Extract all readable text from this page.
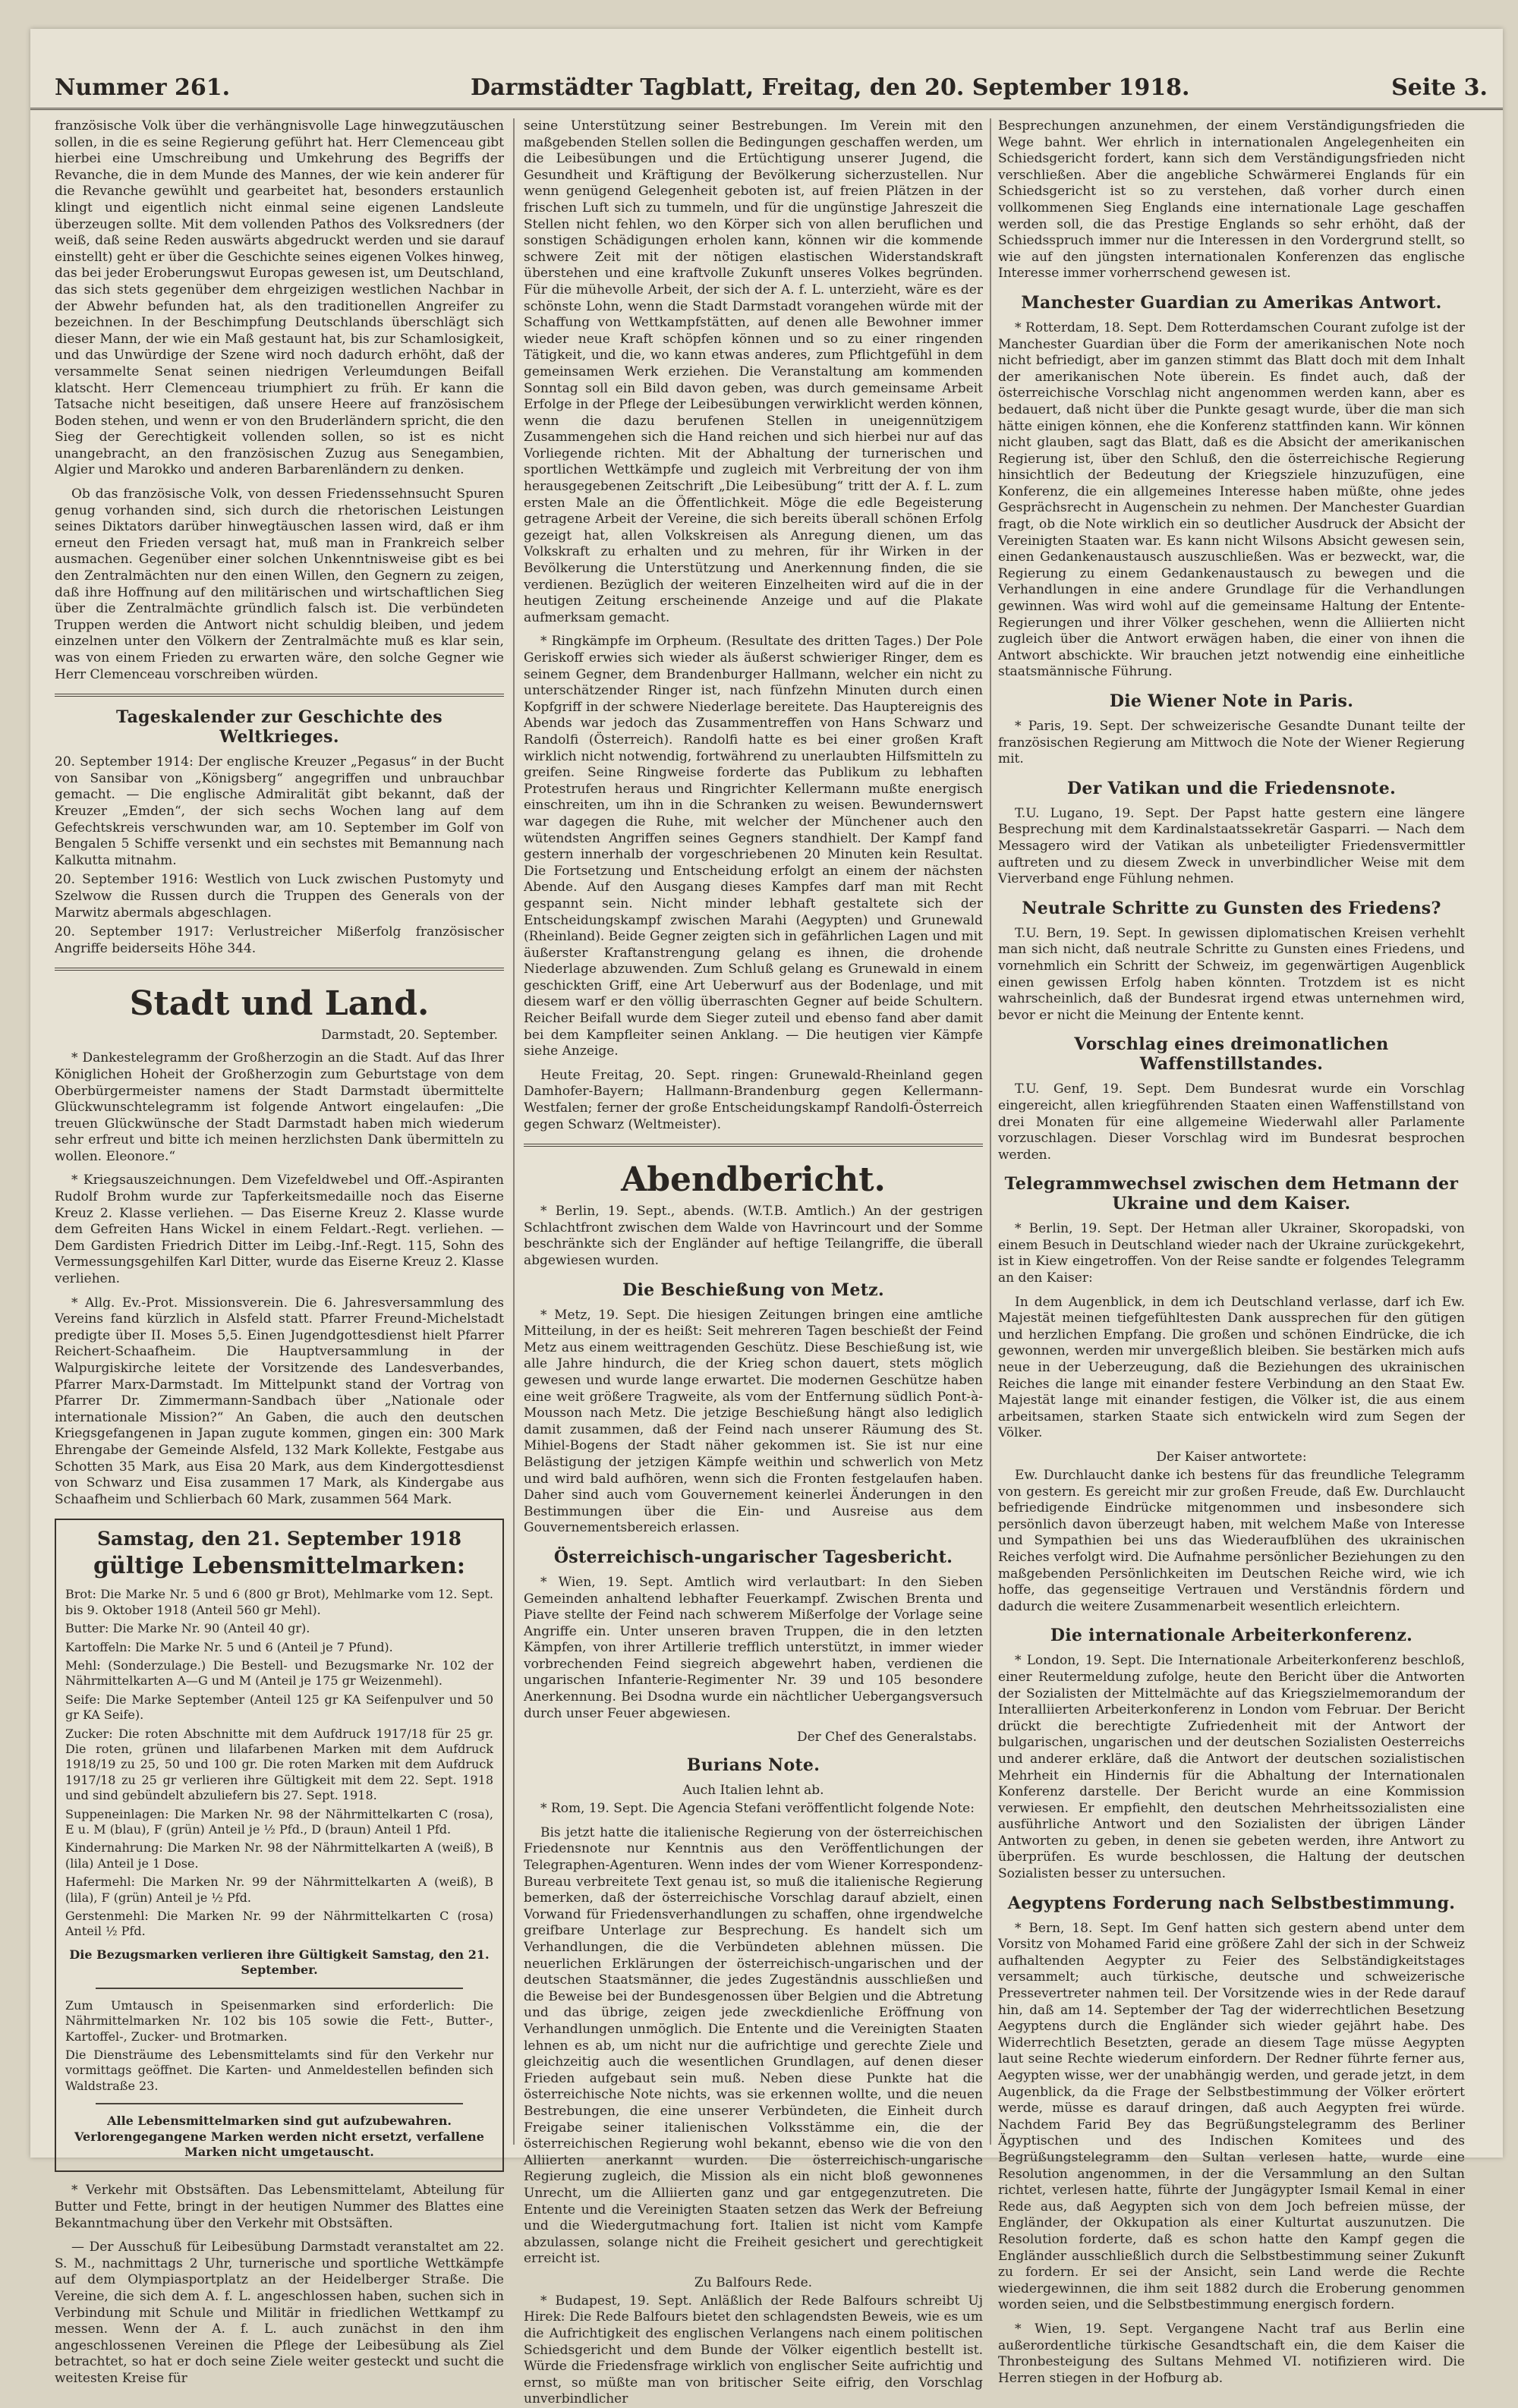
Nummer 261.	Darmstädter Tagblatt, Freitag, den 20. September 1918.	Seite 3.

französische Volk über die verhängnisvolle Lage hinwegzutäuschen sollen, in die es seine Regierung geführt hat. Herr Clemenceau gibt hierbei eine Umschreibung und Umkehrung des Begriffs der Revanche, die in dem Munde des Mannes, der wie kein anderer für die Revanche gewühlt und gearbeitet hat, besonders erstaunlich klingt und eigentlich nicht einmal seine eigenen Landsleute überzeugen sollte. Mit dem vollenden Pathos des Volksredners (der weiß, daß seine Reden auswärts abgedruckt werden und sie darauf einstellt) geht er über die Geschichte seines eigenen Volkes hinweg, das bei jeder Eroberungswut Europas gewesen ist, um Deutschland, das sich stets gegenüber dem ehrgeizigen westlichen Nachbar in der Abwehr befunden hat, als den traditionellen Angreifer zu bezeichnen. In der Beschimpfung Deutschlands überschlägt sich dieser Mann, der wie ein Maß gestaunt hat, bis zur Schamlosigkeit, und das Unwürdige der Szene wird noch dadurch erhöht, daß der versammelte Senat seinen niedrigen Verleumdungen Beifall klatscht. Herr Clemenceau triumphiert zu früh. Er kann die Tatsache nicht beseitigen, daß unsere Heere auf französischem Boden stehen, und wenn er von den Bruderländern spricht, die den Sieg der Gerechtigkeit vollenden sollen, so ist es nicht unangebracht, an den französischen Zuzug aus Senegambien, Algier und Marokko und anderen Barbarenländern zu denken.

Ob das französische Volk, von dessen Friedenssehnsucht Spuren genug vorhanden sind, sich durch die rhetorischen Leistungen seines Diktators darüber hinwegtäuschen lassen wird, daß er ihm erneut den Frieden versagt hat, muß man in Frankreich selber ausmachen. Gegenüber einer solchen Unkenntnisweise gibt es bei den Zentralmächten nur den einen Willen, den Gegnern zu zeigen, daß ihre Hoffnung auf den militärischen und wirtschaftlichen Sieg über die Zentralmächte gründlich falsch ist. Die verbündeten Truppen werden die Antwort nicht schuldig bleiben, und jedem einzelnen unter den Völkern der Zentralmächte muß es klar sein, was von einem Frieden zu erwarten wäre, den solche Gegner wie Herr Clemenceau vorschreiben würden.

Tageskalender zur Geschichte des Weltkrieges.

20. September 1914: Der englische Kreuzer „Pegasus“ in der Bucht von Sansibar von „Königsberg“ angegriffen und unbrauchbar gemacht. — Die englische Admiralität gibt bekannt, daß der Kreuzer „Emden“, der sich sechs Wochen lang auf dem Gefechtskreis verschwunden war, am 10. September im Golf von Bengalen 5 Schiffe versenkt und ein sechstes mit Bemannung nach Kalkutta mitnahm.

20. September 1916: Westlich von Luck zwischen Pustomyty und Szelwow die Russen durch die Truppen des Generals von der Marwitz abermals abgeschlagen.

20. September 1917: Verlustreicher Mißerfolg französischer Angriffe beiderseits Höhe 344.

Stadt und Land.
Darmstadt, 20. September.

* Dankestelegramm der Großherzogin an die Stadt. Auf das Ihrer Königlichen Hoheit der Großherzogin zum Geburtstage von dem Oberbürgermeister namens der Stadt Darmstadt übermittelte Glückwunschtelegramm ist folgende Antwort eingelaufen: „Die treuen Glückwünsche der Stadt Darmstadt haben mich wiederum sehr erfreut und bitte ich meinen herzlichsten Dank übermitteln zu wollen. Eleonore.“

* Kriegsauszeichnungen. Dem Vizefeldwebel und Off.-Aspiranten Rudolf Brohm wurde zur Tapferkeitsmedaille noch das Eiserne Kreuz 2. Klasse verliehen. — Das Eiserne Kreuz 2. Klasse wurde dem Gefreiten Hans Wickel in einem Feldart.-Regt. verliehen. — Dem Gardisten Friedrich Ditter im Leibg.-Inf.-Regt. 115, Sohn des Vermessungsgehilfen Karl Ditter, wurde das Eiserne Kreuz 2. Klasse verliehen.

* Allg. Ev.-Prot. Missionsverein. Die 6. Jahresversammlung des Vereins fand kürzlich in Alsfeld statt. Pfarrer Freund-Michelstadt predigte über II. Moses 5,5. Einen Jugendgottesdienst hielt Pfarrer Reichert-Schaafheim. Die Hauptversammlung in der Walpurgiskirche leitete der Vorsitzende des Landesverbandes, Pfarrer Marx-Darmstadt. Im Mittelpunkt stand der Vortrag von Pfarrer Dr. Zimmermann-Sandbach über „Nationale oder internationale Mission?“ An Gaben, die auch den deutschen Kriegsgefangenen in Japan zugute kommen, gingen ein: 300 Mark Ehrengabe der Gemeinde Alsfeld, 132 Mark Kollekte, Festgabe aus Schotten 35 Mark, aus Eisa 20 Mark, aus dem Kindergottesdienst von Schwarz und Eisa zusammen 17 Mark, als Kindergabe aus Schaafheim und Schlierbach 60 Mark, zusammen 564 Mark.

Samstag, den 21. September 1918
gültige Lebensmittelmarken:

Brot: Die Marke Nr. 5 und 6 (800 gr Brot), Mehlmarke vom 12. Sept. bis 9. Oktober 1918 (Anteil 560 gr Mehl).

Butter: Die Marke Nr. 90 (Anteil 40 gr).

Kartoffeln: Die Marke Nr. 5 und 6 (Anteil je 7 Pfund).

Mehl: (Sonderzulage.) Die Bestell- und Bezugsmarke Nr. 102 der Nährmittelkarten A—G und M (Anteil je 175 gr Weizenmehl).

Seife: Die Marke September (Anteil 125 gr KA Seifenpulver und 50 gr KA Seife).

Zucker: Die roten Abschnitte mit dem Aufdruck 1917/18 für 25 gr. Die roten, grünen und lilafarbenen Marken mit dem Aufdruck 1918/19 zu 25, 50 und 100 gr. Die roten Marken mit dem Aufdruck 1917/18 zu 25 gr verlieren ihre Gültigkeit mit dem 22. Sept. 1918 und sind gebündelt abzuliefern bis 27. Sept. 1918.

Suppeneinlagen: Die Marken Nr. 98 der Nährmittelkarten C (rosa), E u. M (blau), F (grün) Anteil je ½ Pfd., D (braun) Anteil 1 Pfd.

Kindernahrung: Die Marken Nr. 98 der Nährmittelkarten A (weiß), B (lila) Anteil je 1 Dose.

Hafermehl: Die Marken Nr. 99 der Nährmittelkarten A (weiß), B (lila), F (grün) Anteil je ½ Pfd.

Gerstenmehl: Die Marken Nr. 99 der Nährmittelkarten C (rosa) Anteil ½ Pfd.

Die Bezugsmarken verlieren ihre Gültigkeit Samstag, den 21. September.

Zum Umtausch in Speisenmarken sind erforderlich: Die Nährmittelmarken Nr. 102 bis 105 sowie die Fett-, Butter-, Kartoffel-, Zucker- und Brotmarken.

Die Diensträume des Lebensmittelamts sind für den Verkehr nur vormittags geöffnet. Die Karten- und Anmeldestellen befinden sich Waldstraße 23.

Alle Lebensmittelmarken sind gut aufzubewahren. Verlorengegangene Marken werden nicht ersetzt, verfallene Marken nicht umgetauscht.

* Verkehr mit Obstsäften. Das Lebensmittelamt, Abteilung für Butter und Fette, bringt in der heutigen Nummer des Blattes eine Bekanntmachung über den Verkehr mit Obstsäften.

— Der Ausschuß für Leibesübung Darmstadt veranstaltet am 22. S. M., nachmittags 2 Uhr, turnerische und sportliche Wettkämpfe auf dem Olympiasportplatz an der Heidelberger Straße. Die Vereine, die sich dem A. f. L. angeschlossen haben, suchen sich in Verbindung mit Schule und Militär in friedlichen Wettkampf zu messen. Wenn der A. f. L. auch zunächst in den ihm angeschlossenen Vereinen die Pflege der Leibesübung als Ziel betrachtet, so hat er doch seine Ziele weiter gesteckt und sucht die weitesten Kreise für

seine Unterstützung seiner Bestrebungen. Im Verein mit den maßgebenden Stellen sollen die Bedingungen geschaffen werden, um die Leibesübungen und die Ertüchtigung unserer Jugend, die Gesundheit und Kräftigung der Bevölkerung sicherzustellen. Nur wenn genügend Gelegenheit geboten ist, auf freien Plätzen in der frischen Luft sich zu tummeln, und für die ungünstige Jahreszeit die Stellen nicht fehlen, wo den Körper sich von allen beruflichen und sonstigen Schädigungen erholen kann, können wir die kommende schwere Zeit mit der nötigen elastischen Widerstandskraft überstehen und eine kraftvolle Zukunft unseres Volkes begründen. Für die mühevolle Arbeit, der sich der A. f. L. unterzieht, wäre es der schönste Lohn, wenn die Stadt Darmstadt vorangehen würde mit der Schaffung von Wettkampfstätten, auf denen alle Bewohner immer wieder neue Kraft schöpfen können und so zu einer ringenden Tätigkeit, und die, wo kann etwas anderes, zum Pflichtgefühl in dem gemeinsamen Werk erziehen. Die Veranstaltung am kommenden Sonntag soll ein Bild davon geben, was durch gemeinsame Arbeit Erfolge in der Pflege der Leibesübungen verwirklicht werden können, wenn die dazu berufenen Stellen in uneigennützigem Zusammengehen sich die Hand reichen und sich hierbei nur auf das Vorliegende richten. Mit der Abhaltung der turnerischen und sportlichen Wettkämpfe und zugleich mit Verbreitung der von ihm herausgegebenen Zeitschrift „Die Leibesübung“ tritt der A. f. L. zum ersten Male an die Öffentlichkeit. Möge die edle Begeisterung getragene Arbeit der Vereine, die sich bereits überall schönen Erfolg gezeigt hat, allen Volkskreisen als Anregung dienen, um das Volkskraft zu erhalten und zu mehren, für ihr Wirken in der Bevölkerung die Unterstützung und Anerkennung finden, die sie verdienen. Bezüglich der weiteren Einzelheiten wird auf die in der heutigen Zeitung erscheinende Anzeige und auf die Plakate aufmerksam gemacht.

* Ringkämpfe im Orpheum. (Resultate des dritten Tages.) Der Pole Geriskoff erwies sich wieder als äußerst schwieriger Ringer, dem es seinem Gegner, dem Brandenburger Hallmann, welcher ein nicht zu unterschätzender Ringer ist, nach fünfzehn Minuten durch einen Kopfgriff in der schwere Niederlage bereitete. Das Hauptereignis des Abends war jedoch das Zusammentreffen von Hans Schwarz und Randolfi (Österreich). Randolfi hatte es bei einer großen Kraft wirklich nicht notwendig, fortwährend zu unerlaubten Hilfsmitteln zu greifen. Seine Ringweise forderte das Publikum zu lebhaften Protestrufen heraus und Ringrichter Kellermann mußte energisch einschreiten, um ihn in die Schranken zu weisen. Bewundernswert war dagegen die Ruhe, mit welcher der Münchener auch den wütendsten Angriffen seines Gegners standhielt. Der Kampf fand gestern innerhalb der vorgeschriebenen 20 Minuten kein Resultat. Die Fortsetzung und Entscheidung erfolgt an einem der nächsten Abende. Auf den Ausgang dieses Kampfes darf man mit Recht gespannt sein. Nicht minder lebhaft gestaltete sich der Entscheidungskampf zwischen Marahi (Aegypten) und Grunewald (Rheinland). Beide Gegner zeigten sich in gefährlichen Lagen und mit äußerster Kraftanstrengung gelang es ihnen, die drohende Niederlage abzuwenden. Zum Schluß gelang es Grunewald in einem geschickten Griff, eine Art Ueberwurf aus der Bodenlage, und mit diesem warf er den völlig überraschten Gegner auf beide Schultern. Reicher Beifall wurde dem Sieger zuteil und ebenso fand aber damit bei dem Kampfleiter seinen Anklang. — Die heutigen vier Kämpfe siehe Anzeige.

Heute Freitag, 20. Sept. ringen: Grunewald-Rheinland gegen Damhofer-Bayern; Hallmann-Brandenburg gegen Kellermann-Westfalen; ferner der große Entscheidungskampf Randolfi-Österreich gegen Schwarz (Weltmeister).

Abendbericht.

* Berlin, 19. Sept., abends. (W.T.B. Amtlich.) An der gestrigen Schlachtfront zwischen dem Walde von Havrincourt und der Somme beschränkte sich der Engländer auf heftige Teilangriffe, die überall abgewiesen wurden.

Die Beschießung von Metz.

* Metz, 19. Sept. Die hiesigen Zeitungen bringen eine amtliche Mitteilung, in der es heißt: Seit mehreren Tagen beschießt der Feind Metz aus einem weittragenden Geschütz. Diese Beschießung ist, wie alle Jahre hindurch, die der Krieg schon dauert, stets möglich gewesen und wurde lange erwartet. Die modernen Geschütze haben eine weit größere Tragweite, als vom der Entfernung südlich Pont-à-Mousson nach Metz. Die jetzige Beschießung hängt also lediglich damit zusammen, daß der Feind nach unserer Räumung des St. Mihiel-Bogens der Stadt näher gekommen ist. Sie ist nur eine Belästigung der jetzigen Kämpfe weithin und schwerlich von Metz und wird bald aufhören, wenn sich die Fronten festgelaufen haben. Daher sind auch vom Gouvernement keinerlei Änderungen in den Bestimmungen über die Ein- und Ausreise aus dem Gouvernementsbereich erlassen.

Österreichisch-ungarischer Tagesbericht.

* Wien, 19. Sept. Amtlich wird verlautbart: In den Sieben Gemeinden anhaltend lebhafter Feuerkampf. Zwischen Brenta und Piave stellte der Feind nach schwerem Mißerfolge der Vorlage seine Angriffe ein. Unter unseren braven Truppen, die in den letzten Kämpfen, von ihrer Artillerie trefflich unterstützt, in immer wieder vorbrechenden Feind siegreich abgewehrt haben, verdienen die ungarischen Infanterie-Regimenter Nr. 39 und 105 besondere Anerkennung. Bei Dsodna wurde ein nächtlicher Uebergangsversuch durch unser Feuer abgewiesen.

Der Chef des Generalstabs.
Burians Note.
Auch Italien lehnt ab.

* Rom, 19. Sept. Die Agencia Stefani veröffentlicht folgende Note:

Bis jetzt hatte die italienische Regierung von der österreichischen Friedensnote nur Kenntnis aus den Veröffentlichungen der Telegraphen-Agenturen. Wenn indes der vom Wiener Korrespondenz-Bureau verbreitete Text genau ist, so muß die italienische Regierung bemerken, daß der österreichische Vorschlag darauf abzielt, einen Vorwand für Friedensverhandlungen zu schaffen, ohne irgendwelche greifbare Unterlage zur Besprechung. Es handelt sich um Verhandlungen, die die Verbündeten ablehnen müssen. Die neuerlichen Erklärungen der österreichisch-ungarischen und der deutschen Staatsmänner, die jedes Zugeständnis ausschließen und die Beweise bei der Bundesgenossen über Belgien und die Abtretung und das übrige, zeigen jede zweckdienliche Eröffnung von Verhandlungen unmöglich. Die Entente und die Vereinigten Staaten lehnen es ab, um nicht nur die aufrichtige und gerechte Ziele und gleichzeitig auch die wesentlichen Grundlagen, auf denen dieser Frieden aufgebaut sein muß. Neben diese Punkte hat die österreichische Note nichts, was sie erkennen wollte, und die neuen Bestrebungen, die eine unserer Verbündeten, die Einheit durch Freigabe seiner italienischen Volksstämme ein, die der österreichischen Regierung wohl bekannt, ebenso wie die von den Alliierten anerkannt wurden. Die österreichisch-ungarische Regierung zugleich, die Mission als ein nicht bloß gewonnenes Unrecht, um die Alliierten ganz und gar entgegenzutreten. Die Entente und die Vereinigten Staaten setzen das Werk der Befreiung und die Wiedergutmachung fort. Italien ist nicht vom Kampfe abzulassen, solange nicht die Freiheit gesichert und gerechtigkeit erreicht ist.

Zu Balfours Rede.

* Budapest, 19. Sept. Anläßlich der Rede Balfours schreibt Uj Hirek: Die Rede Balfours bietet den schlagendsten Beweis, wie es um die Aufrichtigkeit des englischen Verlangens nach einem politischen Schiedsgericht und dem Bunde der Völker eigentlich bestellt ist. Würde die Friedensfrage wirklich von englischer Seite aufrichtig und ernst, so müßte man von britischer Seite eifrig, den Vorschlag unverbindlicher

Besprechungen anzunehmen, der einem Verständigungsfrieden die Wege bahnt. Wer ehrlich in internationalen Angelegenheiten ein Schiedsgericht fordert, kann sich dem Verständigungsfrieden nicht verschließen. Aber die angebliche Schwärmerei Englands für ein Schiedsgericht ist so zu verstehen, daß vorher durch einen vollkommenen Sieg Englands eine internationale Lage geschaffen werden soll, die das Prestige Englands so sehr erhöht, daß der Schiedsspruch immer nur die Interessen in den Vordergrund stellt, so wie auf den jüngsten internationalen Konferenzen das englische Interesse immer vorherrschend gewesen ist.

Manchester Guardian zu Amerikas Antwort.

* Rotterdam, 18. Sept. Dem Rotterdamschen Courant zufolge ist der Manchester Guardian über die Form der amerikanischen Note noch nicht befriedigt, aber im ganzen stimmt das Blatt doch mit dem Inhalt der amerikanischen Note überein. Es findet auch, daß der österreichische Vorschlag nicht angenommen werden kann, aber es bedauert, daß nicht über die Punkte gesagt wurde, über die man sich hätte einigen können, ehe die Konferenz stattfinden kann. Wir können nicht glauben, sagt das Blatt, daß es die Absicht der amerikanischen Regierung ist, über den Schluß, den die österreichische Regierung hinsichtlich der Bedeutung der Kriegsziele hinzuzufügen, eine Konferenz, die ein allgemeines Interesse haben müßte, ohne jedes Gesprächsrecht in Augenschein zu nehmen. Der Manchester Guardian fragt, ob die Note wirklich ein so deutlicher Ausdruck der Absicht der Vereinigten Staaten war. Es kann nicht Wilsons Absicht gewesen sein, einen Gedankenaustausch auszuschließen. Was er bezweckt, war, die Regierung zu einem Gedankenaustausch zu bewegen und die Verhandlungen in eine andere Grundlage für die Verhandlungen gewinnen. Was wird wohl auf die gemeinsame Haltung der Entente-Regierungen und ihrer Völker geschehen, wenn die Alliierten nicht zugleich über die Antwort erwägen haben, die einer von ihnen die Antwort abschickte. Wir brauchen jetzt notwendig eine einheitliche staatsmännische Führung.

Die Wiener Note in Paris.

* Paris, 19. Sept. Der schweizerische Gesandte Dunant teilte der französischen Regierung am Mittwoch die Note der Wiener Regierung mit.

Der Vatikan und die Friedensnote.

T.U. Lugano, 19. Sept. Der Papst hatte gestern eine längere Besprechung mit dem Kardinalstaatssekretär Gasparri. — Nach dem Messagero wird der Vatikan als unbeteiligter Friedensvermittler auftreten und zu diesem Zweck in unverbindlicher Weise mit dem Vierverband enge Fühlung nehmen.

Neutrale Schritte zu Gunsten des Friedens?

T.U. Bern, 19. Sept. In gewissen diplomatischen Kreisen verhehlt man sich nicht, daß neutrale Schritte zu Gunsten eines Friedens, und vornehmlich ein Schritt der Schweiz, im gegenwärtigen Augenblick einen gewissen Erfolg haben könnten. Trotzdem ist es nicht wahrscheinlich, daß der Bundesrat irgend etwas unternehmen wird, bevor er nicht die Meinung der Entente kennt.

Vorschlag eines dreimonatlichen Waffenstillstandes.

T.U. Genf, 19. Sept. Dem Bundesrat wurde ein Vorschlag eingereicht, allen kriegführenden Staaten einen Waffenstillstand von drei Monaten für eine allgemeine Wiederwahl aller Parlamente vorzuschlagen. Dieser Vorschlag wird im Bundesrat besprochen werden.

Telegrammwechsel zwischen dem Hetmann der Ukraine und dem Kaiser.

* Berlin, 19. Sept. Der Hetman aller Ukrainer, Skoropadski, von einem Besuch in Deutschland wieder nach der Ukraine zurückgekehrt, ist in Kiew eingetroffen. Von der Reise sandte er folgendes Telegramm an den Kaiser:

In dem Augenblick, in dem ich Deutschland verlasse, darf ich Ew. Majestät meinen tiefgefühltesten Dank aussprechen für den gütigen und herzlichen Empfang. Die großen und schönen Eindrücke, die ich gewonnen, werden mir unvergeßlich bleiben. Sie bestärken mich aufs neue in der Ueberzeugung, daß die Beziehungen des ukrainischen Reiches die lange mit einander festere Verbindung an den Staat Ew. Majestät lange mit einander festigen, die Völker ist, die aus einem arbeitsamen, starken Staate sich entwickeln wird zum Segen der Völker.

Der Kaiser antwortete:

Ew. Durchlaucht danke ich bestens für das freundliche Telegramm von gestern. Es gereicht mir zur großen Freude, daß Ew. Durchlaucht befriedigende Eindrücke mitgenommen und insbesondere sich persönlich davon überzeugt haben, mit welchem Maße von Interesse und Sympathien bei uns das Wiederaufblühen des ukrainischen Reiches verfolgt wird. Die Aufnahme persönlicher Beziehungen zu den maßgebenden Persönlichkeiten im Deutschen Reiche wird, wie ich hoffe, das gegenseitige Vertrauen und Verständnis fördern und dadurch die weitere Zusammenarbeit wesentlich erleichtern.

Die internationale Arbeiterkonferenz.

* London, 19. Sept. Die Internationale Arbeiterkonferenz beschloß, einer Reutermeldung zufolge, heute den Bericht über die Antworten der Sozialisten der Mittelmächte auf das Kriegszielmemorandum der Interalliierten Arbeiterkonferenz in London vom Februar. Der Bericht drückt die berechtigte Zufriedenheit mit der Antwort der bulgarischen, ungarischen und der deutschen Sozialisten Oesterreichs und anderer erkläre, daß die Antwort der deutschen sozialistischen Mehrheit ein Hindernis für die Abhaltung der Internationalen Konferenz darstelle. Der Bericht wurde an eine Kommission verwiesen. Er empfiehlt, den deutschen Mehrheitssozialisten eine ausführliche Antwort und den Sozialisten der übrigen Länder Antworten zu geben, in denen sie gebeten werden, ihre Antwort zu überprüfen. Es wurde beschlossen, die Haltung der deutschen Sozialisten besser zu untersuchen.

Aegyptens Forderung nach Selbstbestimmung.

* Bern, 18. Sept. Im Genf hatten sich gestern abend unter dem Vorsitz von Mohamed Farid eine größere Zahl der sich in der Schweiz aufhaltenden Aegypter zu Feier des Selbständigkeitstages versammelt; auch türkische, deutsche und schweizerische Pressevertreter nahmen teil. Der Vorsitzende wies in der Rede darauf hin, daß am 14. September der Tag der widerrechtlichen Besetzung Aegyptens durch die Engländer sich wieder gejährt habe. Des Widerrechtlich Besetzten, gerade an diesem Tage müsse Aegypten laut seine Rechte wiederum einfordern. Der Redner führte ferner aus, Aegypten wisse, wer der unabhängig werden, und gerade jetzt, in dem Augenblick, da die Frage der Selbstbestimmung der Völker erörtert werde, müsse es darauf dringen, daß auch Aegypten frei würde. Nachdem Farid Bey das Begrüßungstelegramm des Berliner Ägyptischen und des Indischen Komitees und des Begrüßungstelegramm den Sultan verlesen hatte, wurde eine Resolution angenommen, in der die Versammlung an den Sultan richtet, verlesen hatte, führte der Jungägypter Ismail Kemal in einer Rede aus, daß Aegypten sich von dem Joch befreien müsse, der Engländer, der Okkupation als einer Kulturtat auszunutzen. Die Resolution forderte, daß es schon hatte den Kampf gegen die Engländer ausschließlich durch die Selbstbestimmung seiner Zukunft zu fordern. Er sei der Ansicht, sein Land werde die Rechte wiedergewinnen, die ihm seit 1882 durch die Eroberung genommen worden seien, und die Selbstbestimmung energisch fordern.

* Wien, 19. Sept. Vergangene Nacht traf aus Berlin eine außerordentliche türkische Gesandtschaft ein, die dem Kaiser die Thronbesteigung des Sultans Mehmed VI. notifizieren wird. Die Herren stiegen in der Hofburg ab.
